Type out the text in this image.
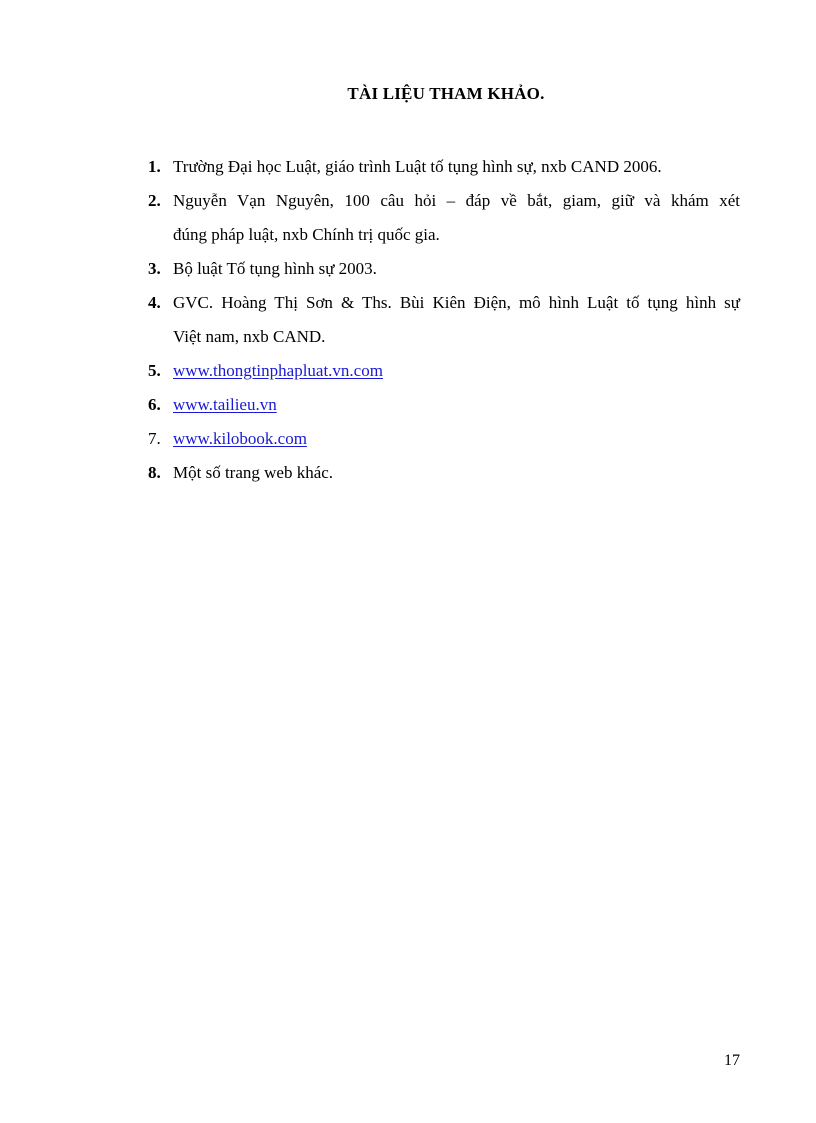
TÀI LIỆU THAM KHẢO.
1. Trường Đại học Luật, giáo trình Luật tố tụng hình sự, nxb CAND 2006.
2. Nguyễn Vạn Nguyên, 100 câu hỏi – đáp về bắt, giam, giữ và khám xét
đúng pháp luật, nxb Chính trị quốc gia.
3. Bộ luật Tố tụng hình sự 2003.
4. GVC. Hoàng Thị Sơn & Ths. Bùi Kiên Điện, mô hình Luật tố tụng hình sự
Việt nam, nxb CAND.
5. www.thongtinphapluat.vn.com
6. www.tailieu.vn
7. www.kilobook.com
8. Một số trang web khác.
17
